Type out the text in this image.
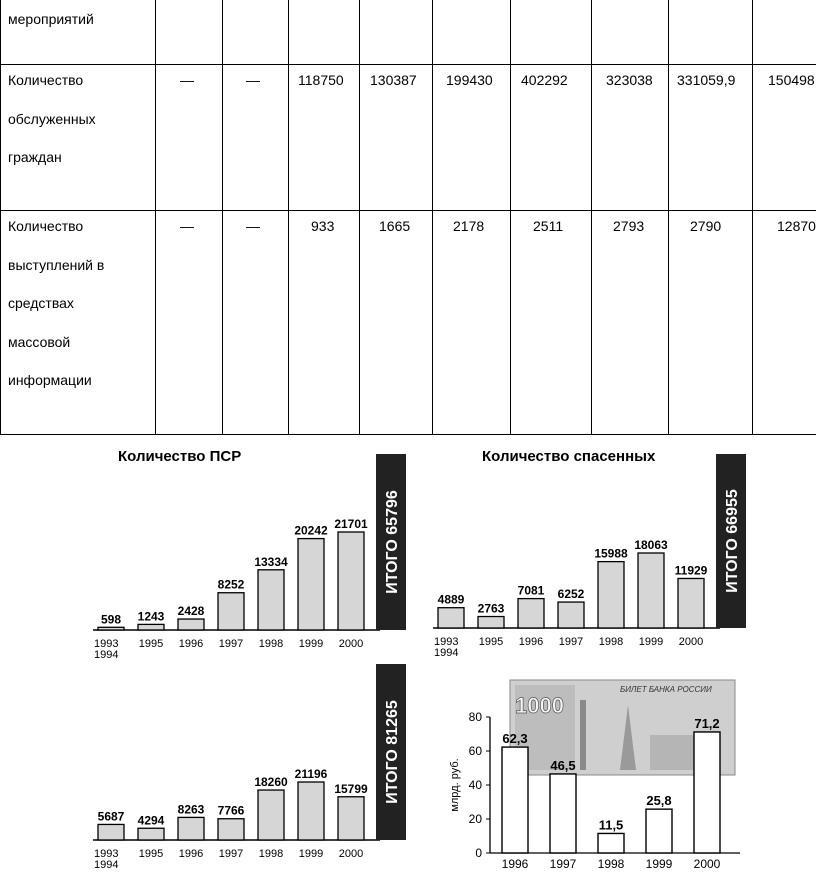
мероприятий
Количество
обслуженных
граждан
—	—	118750 130387 199430 402292	323038 331059,9 150498
Количество
выступлений в
средствах
массовой
информации
—	—	933	1665	2178	2511	2793	2790	12870
Количество ПСР	Количество спасенных
598
1993
1994
1243
1995
2428
1996
8252
1997
13334
1998
20242
1999
21701
2000
ИТОГО 65796
4889
1993
1994
2763
1995
7081
1996
6252
1997
15988
1998
18063
1999
11929
2000
ИТОГО 66955
5687
1993
1994
4294
1995
8263
1996
7766
1997
18260
1998
21196
1999
15799
2000
ИТОГО 81265	1000
БИЛЕТ БАНКА РОССИИ
0
20
40
60
80
млрд. руб.
62,3
1996
46,5
1997
11,5
1998
25,8
1999
71,2
2000
